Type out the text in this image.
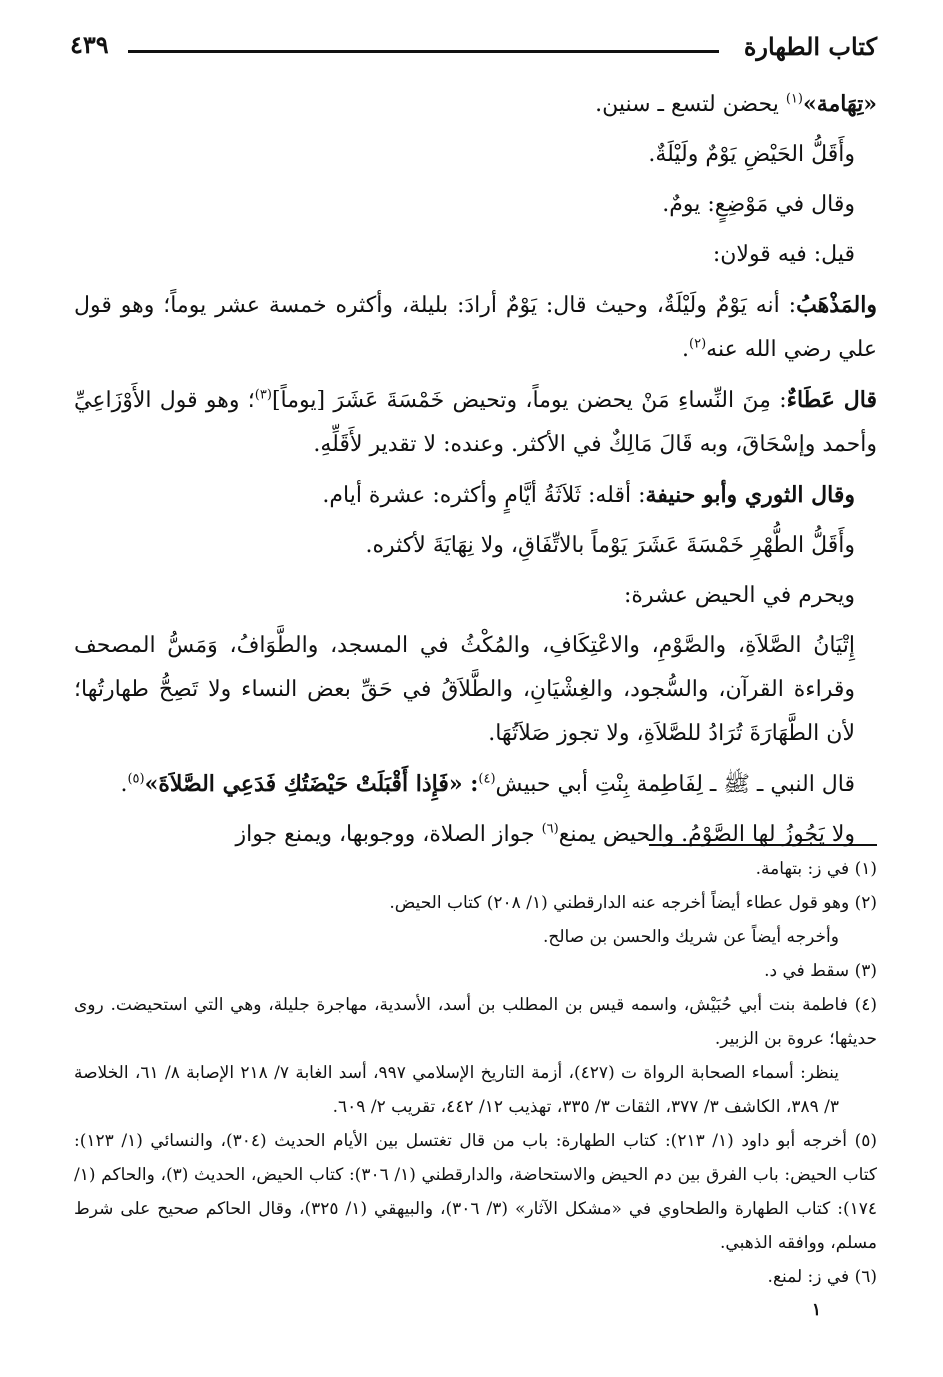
كتاب الطهارة
٤٣٩

«تِهَامة»$^{(١)}$ يحضن لتسع ـ سنين.

وأَقَلُّ الحَيْضِ يَوْمٌ ولَيْلَةٌ.

وقال في مَوْضِعٍ: يومٌ.

قيل: فيه قولان:

والمَذْهَبُ: أنه يَوْمٌ ولَيْلَةٌ، وحيث قال: يَوْمٌ أرادَ: بليلة، وأكثره خمسة عشر يوماً؛ وهو قول علي رضي الله عنه$^{(٢)}$.

قال عَطَاءٌ: مِنَ النِّساءِ مَنْ يحضن يوماً، وتحيض خَمْسَةَ عَشَرَ [يوماً]$^{(٣)}$؛ وهو قول الأَوْزَاعِيِّ وأحمد وإسْحَاقَ، وبه قَالَ مَالِكٌ في الأكثر. وعنده: لا تقدير لأَقَلِّهِ.

وقال الثوري وأبو حنيفة: أقله: ثَلاَثَةُ أيَّامٍ وأكثره: عشرة أيام.

وأَقَلُّ الطُّهْرِ خَمْسَةَ عَشَرَ يَوْماً بالاتِّفَاقِ، ولا نِهَايَةَ لأكثره.

ويحرم في الحيض عشرة:

إِتْيَانُ الصَّلاَةِ، والصَّوْمِ، والاعْتِكَافِ، والمُكْثُ في المسجد، والطَّوَافُ، وَمَسُّ المصحف وقراءة القرآن، والسُّجود، والغِشْيَانِ، والطَّلاَقُ في حَقِّ بعض النساء ولا تَصِحُّ طهارتُها؛ لأن الطَّهَارَةَ تُرَادُ للصَّلاَةِ، ولا تجوز صَلاَتُهَا.

قال النبي ـ ﷺ ـ لِفَاطِمة بِنْتِ أبي حبيش$^{(٤)}$: «فَإِذا أَقْبَلَتْ حَيْضَتُكِ فَدَعِي الصَّلاَةَ»$^{(٥)}$.

ولا يَجُوزُ لها الصَّوْمُ. والحيض يمنع$^{(٦)}$ جواز الصلاة، ووجوبها، ويمنع جواز

(١) في ز: بتهامة.

(٢) وهو قول عطاء أيضاً أخرجه عنه الدارقطني (١/ ٢٠٨) كتاب الحيض.

وأخرجه أيضاً عن شريك والحسن بن صالح.

(٣) سقط في د.

(٤) فاطمة بنت أبي حُبَيْش، واسمه قيس بن المطلب بن أسد، الأسدية، مهاجرة جليلة، وهي التي استحيضت. روى حديثها؛ عروة بن الزبير.

ينظر: أسماء الصحابة الرواة ت (٤٢٧)، أزمة التاريخ الإسلامي ٩٩٧، أسد الغابة ٧/ ٢١٨ الإصابة ٨/ ٦١، الخلاصة ٣/ ٣٨٩، الكاشف ٣/ ٣٧٧، الثقات ٣/ ٣٣٥، تهذيب ١٢/ ٤٤٢، تقريب ٢/ ٦٠٩.

(٥) أخرجه أبو داود (١/ ٢١٣): كتاب الطهارة: باب من قال تغتسل بين الأيام الحديث (٣٠٤)، والنسائي (١/ ١٢٣): كتاب الحيض: باب الفرق بين دم الحيض والاستحاضة، والدارقطني (١/ ٣٠٦): كتاب الحيض، الحديث (٣)، والحاكم (١/ ١٧٤): كتاب الطهارة والطحاوي في «مشكل الآثار» (٣/ ٣٠٦)، والبيهقي (١/ ٣٢٥)، وقال الحاكم صحيح على شرط مسلم، ووافقه الذهبي.

(٦) في ز: لمنع.

١
